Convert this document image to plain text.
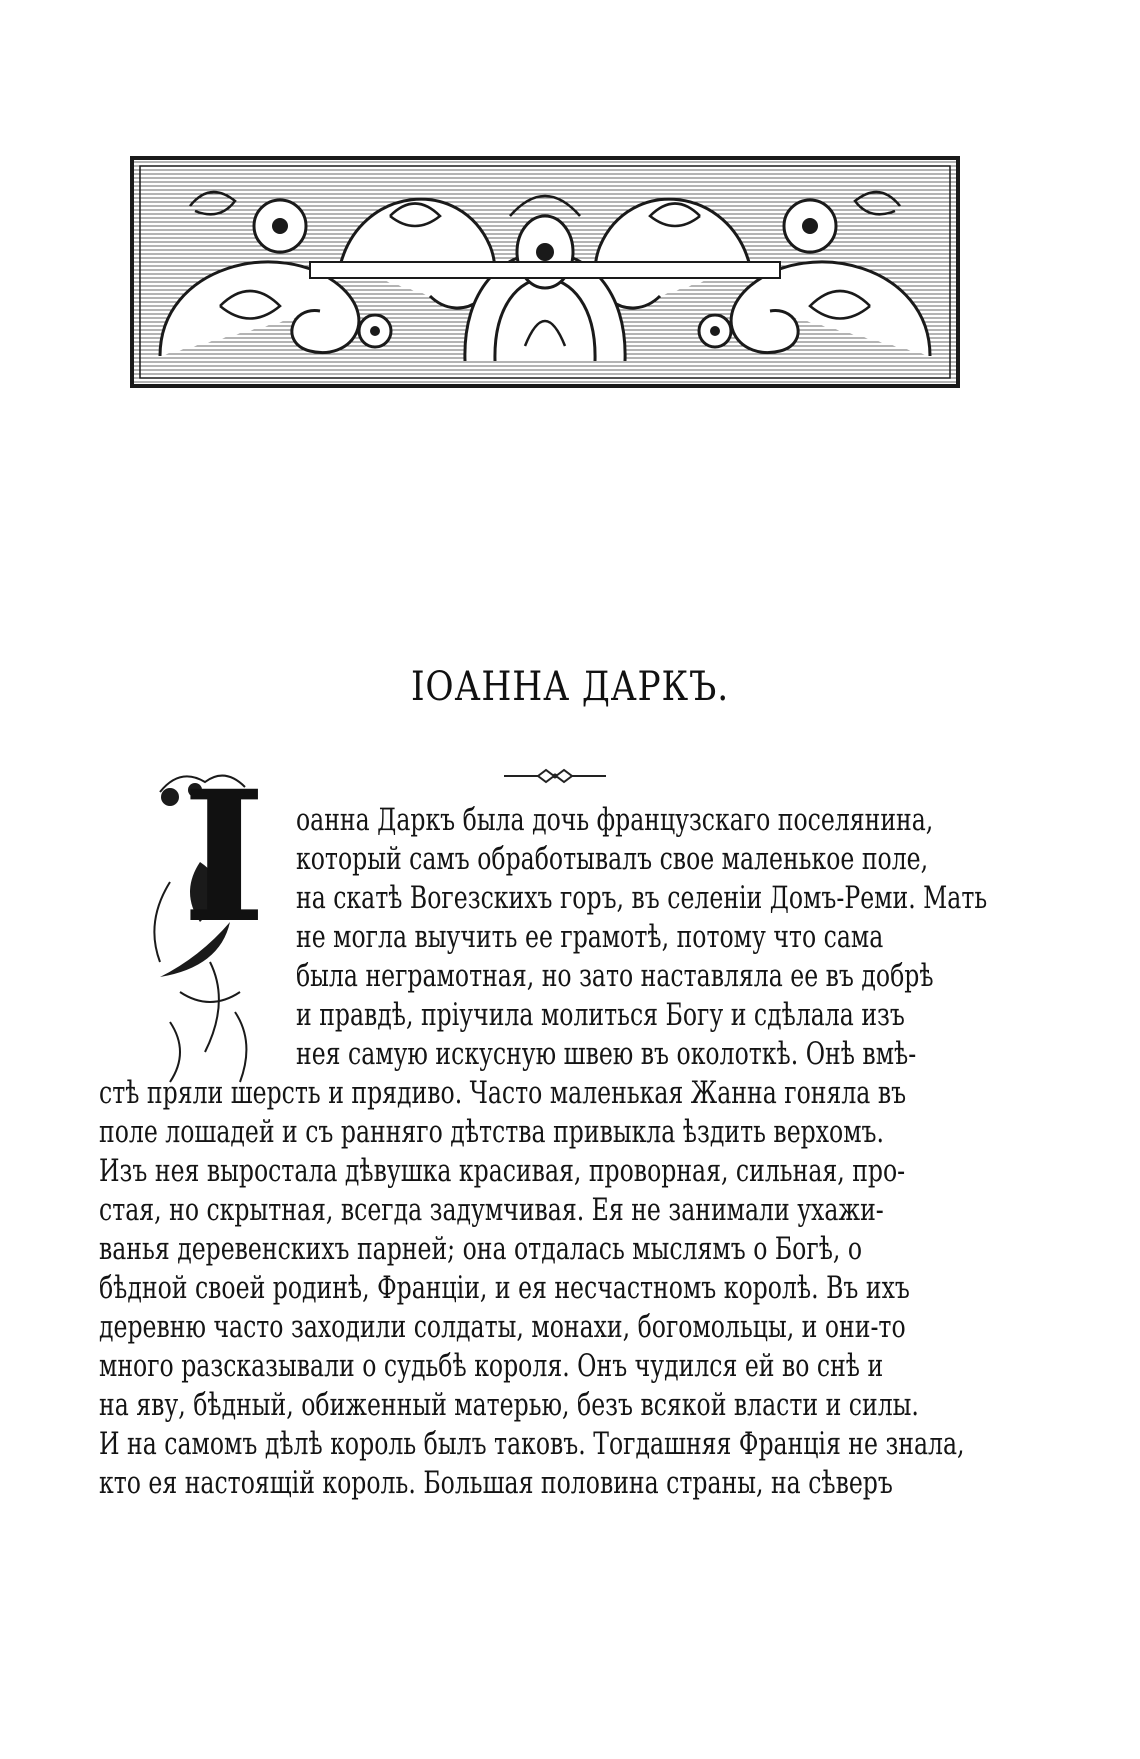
IОАННА ДАРКЪ.
I оанна Даркъ была дочь французскаго поселянина,

который самъ обработывалъ свое маленькое поле,

на скатѣ Вогезскихъ горъ, въ селенiи Домъ-Реми. Мать

не могла выучить ее грамотѣ, потому что сама

была неграмотная, но зато наставляла ее въ добрѣ

и правдѣ, прiучила молиться Богу и сдѣлала изъ

нея самую искусную швею въ околоткѣ. Онѣ вмѣ-

стѣ пряли шерсть и прядиво. Часто маленькая Жанна гоняла въ

поле лошадей и съ ранняго дѣтства привыкла ѣздить верхомъ.

Изъ нея выростала дѣвушка красивая, проворная, сильная, про-

стая, но скрытная, всегда задумчивая. Ея не занимали ухажи-

ванья деревенскихъ парней; она отдалась мыслямъ о Богѣ, о

бѣдной своей родинѣ, Францiи, и ея несчастномъ королѣ. Въ ихъ

деревню часто заходили солдаты, монахи, богомольцы, и они-то

много разсказывали о судьбѣ короля. Онъ чудился ей во снѣ и

на яву, бѣдный, обиженный матерью, безъ всякой власти и силы.

И на самомъ дѣлѣ король былъ таковъ. Тогдашняя Францiя не знала,

кто ея настоящiй король. Большая половина страны, на сѣверъ
